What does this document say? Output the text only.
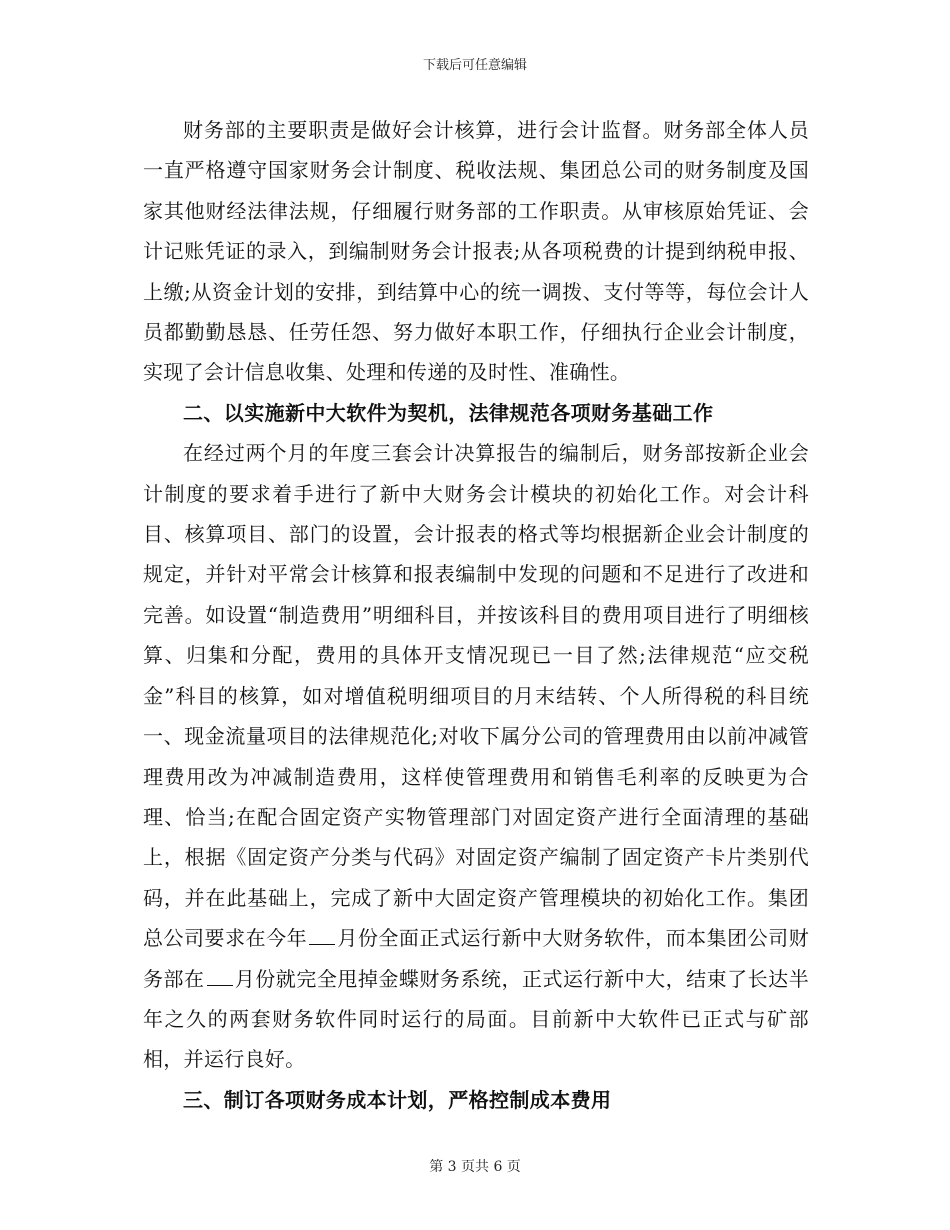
下载后可任意编辑

财务部的主要职责是做好会计核算，进行会计监督。财务部全体人员一直严格遵守国家财务会计制度、税收法规、集团总公司的财务制度及国家其他财经法律法规，仔细履行财务部的工作职责。从审核原始凭证、会计记账凭证的录入，到编制财务会计报表;从各项税费的计提到纳税申报、上缴;从资金计划的安排，到结算中心的统一调拨、支付等等，每位会计人员都勤勤恳恳、任劳任怨、努力做好本职工作，仔细执行企业会计制度，实现了会计信息收集、处理和传递的及时性、准确性。

二、以实施新中大软件为契机，法律规范各项财务基础工作

在经过两个月的年度三套会计决算报告的编制后，财务部按新企业会计制度的要求着手进行了新中大财务会计模块的初始化工作。对会计科目、核算项目、部门的设置，会计报表的格式等均根据新企业会计制度的规定，并针对平常会计核算和报表编制中发现的问题和不足进行了改进和完善。如设置“制造费用”明细科目，并按该科目的费用项目进行了明细核算、归集和分配，费用的具体开支情况现已一目了然;法律规范“应交税金”科目的核算，如对增值税明细项目的月末结转、个人所得税的科目统一、现金流量项目的法律规范化;对收下属分公司的管理费用由以前冲减管理费用改为冲减制造费用，这样使管理费用和销售毛利率的反映更为合理、恰当;在配合固定资产实物管理部门对固定资产进行全面清理的基础上，根据《固定资产分类与代码》对固定资产编制了固定资产卡片类别代码，并在此基础上，完成了新中大固定资产管理模块的初始化工作。集团总公司要求在今年 月份全面正式运行新中大财务软件，而本集团公司财务部在 月份就完全甩掉金蝶财务系统，正式运行新中大，结束了长达半年之久的两套财务软件同时运行的局面。目前新中大软件已正式与矿部相，并运行良好。

三、制订各项财务成本计划，严格控制成本费用

第 3 页共 6 页
